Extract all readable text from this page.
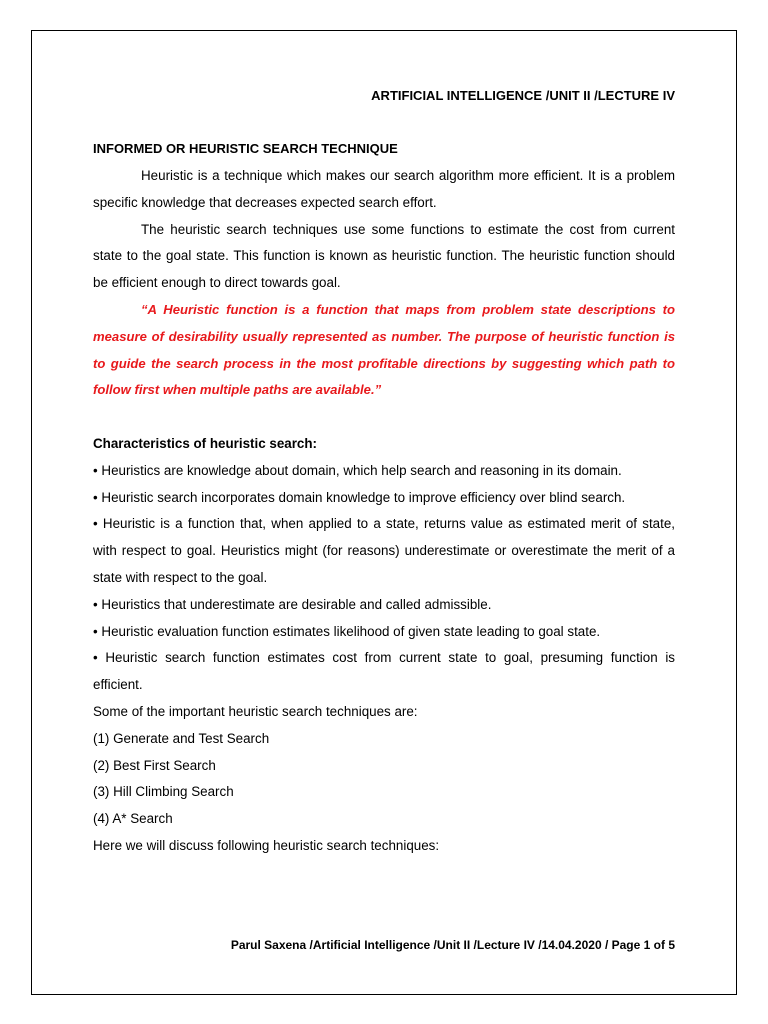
ARTIFICIAL INTELLIGENCE /UNIT II /LECTURE IV
INFORMED OR HEURISTIC SEARCH TECHNIQUE

Heuristic is a technique which makes our search algorithm more efficient. It is a problem specific knowledge that decreases expected search effort.

The heuristic search techniques use some functions to estimate the cost from current state to the goal state. This function is known as heuristic function. The heuristic function should be efficient enough to direct towards goal.

“A Heuristic function is a function that maps from problem state descriptions to measure of desirability usually represented as number. The purpose of heuristic function is to guide the search process in the most profitable directions by suggesting which path to follow first when multiple paths are available.”

Characteristics of heuristic search:

• Heuristics are knowledge about domain, which help search and reasoning in its domain.

• Heuristic search incorporates domain knowledge to improve efficiency over blind search.

• Heuristic is a function that, when applied to a state, returns value as estimated merit of state, with respect to goal. Heuristics might (for reasons) underestimate or overestimate the merit of a state with respect to the goal.

• Heuristics that underestimate are desirable and called admissible.

• Heuristic evaluation function estimates likelihood of given state leading to goal state.

• Heuristic search function estimates cost from current state to goal, presuming function is efficient.

Some of the important heuristic search techniques are:

(1) Generate and Test Search

(2) Best First Search

(3) Hill Climbing Search

(4) A* Search

Here we will discuss following heuristic search techniques:

Parul Saxena /Artificial Intelligence /Unit II /Lecture IV /14.04.2020 / Page 1 of 5
